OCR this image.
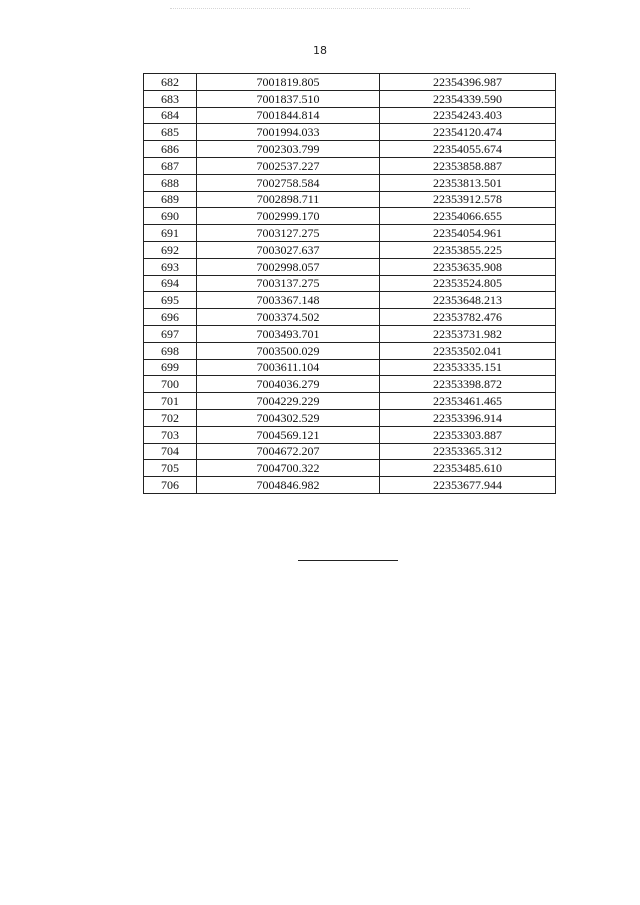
18
682	7001819.805	22354396.987
683	7001837.510	22354339.590
684	7001844.814	22354243.403
685	7001994.033	22354120.474
686	7002303.799	22354055.674
687	7002537.227	22353858.887
688	7002758.584	22353813.501
689	7002898.711	22353912.578
690	7002999.170	22354066.655
691	7003127.275	22354054.961
692	7003027.637	22353855.225
693	7002998.057	22353635.908
694	7003137.275	22353524.805
695	7003367.148	22353648.213
696	7003374.502	22353782.476
697	7003493.701	22353731.982
698	7003500.029	22353502.041
699	7003611.104	22353335.151
700	7004036.279	22353398.872
701	7004229.229	22353461.465
702	7004302.529	22353396.914
703	7004569.121	22353303.887
704	7004672.207	22353365.312
705	7004700.322	22353485.610
706	7004846.982	22353677.944
